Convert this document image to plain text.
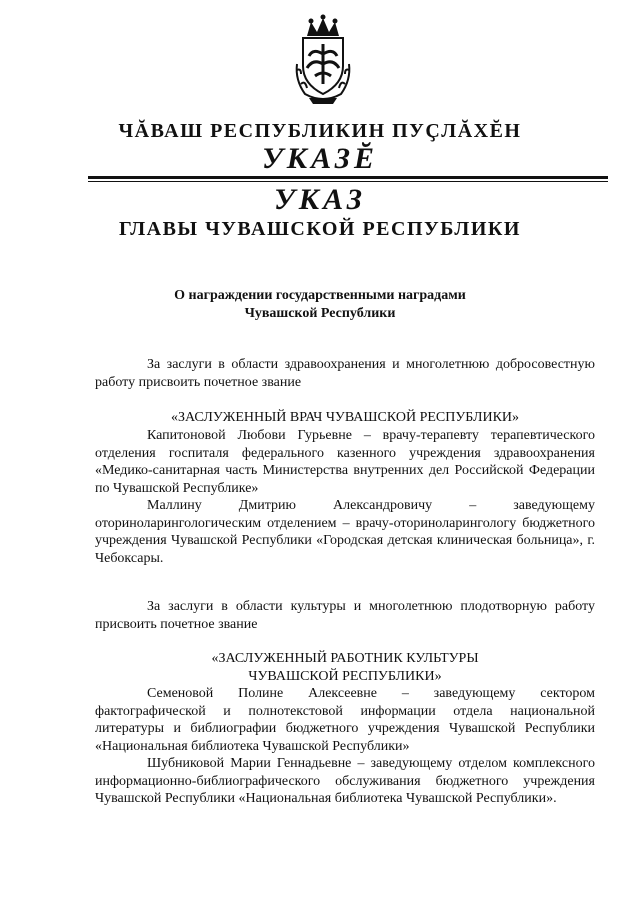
ЧĂВАШ РЕСПУБЛИКИН ПУҪЛĂХĔН
УКАЗĔ
УКАЗ
ГЛАВЫ ЧУВАШСКОЙ РЕСПУБЛИКИ
О награждении государственными наградами
Чувашской Республики
За заслуги в области здравоохранения и многолетнюю добросовестную работу присвоить почетное звание
«ЗАСЛУЖЕННЫЙ ВРАЧ ЧУВАШСКОЙ РЕСПУБЛИКИ»
Капитоновой Любови Гурьевне – врачу-терапевту терапевтического отделения госпиталя федерального казенного учреждения здравоохранения «Медико-санитарная часть Министерства внутренних дел Российской Федерации по Чувашской Республике»
Маллину Дмитрию Александровичу – заведующему оториноларингологическим отделением – врачу-оториноларингологу бюджетного учреждения Чувашской Республики «Городская детская клиническая больница», г. Чебоксары.
За заслуги в области культуры и многолетнюю плодотворную работу присвоить почетное звание
«ЗАСЛУЖЕННЫЙ РАБОТНИК КУЛЬТУРЫ
ЧУВАШСКОЙ РЕСПУБЛИКИ»
Семеновой Полине Алексеевне – заведующему сектором фактографической и полнотекстовой информации отдела национальной литературы и библиографии бюджетного учреждения Чувашской Республики «Национальная библиотека Чувашской Республики»
Шубниковой Марии Геннадьевне – заведующему отделом комплексного информационно-библиографического обслуживания бюджетного учреждения Чувашской Республики «Национальная библиотека Чувашской Республики».
